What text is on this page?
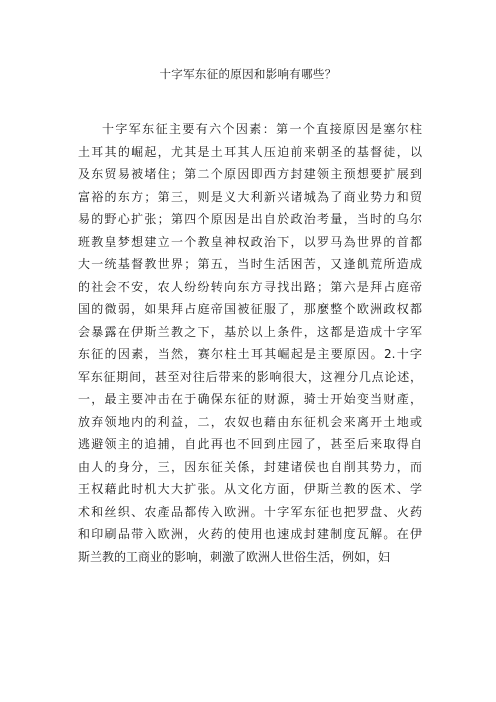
十字军东征的原因和影响有哪些？
十字军东征主要有六个因素：第一个直接原因是塞尔柱
土耳其的崛起，尤其是土耳其人压迫前来朝圣的基督徒，以
及东贸易被堵住；第二个原因即西方封建领主预想要扩展到
富裕的东方；第三，则是义大利新兴诸城為了商业势力和贸
易的野心扩张；第四个原因是出自於政治考量，当时的乌尔
班教皇梦想建立一个教皇神权政治下，以罗马為世界的首都
大一统基督教世界；第五，当时生活困苦，又逢飢荒所造成
的社会不安，农人纷纷转向东方寻找出路；第六是拜占庭帝
国的微弱，如果拜占庭帝国被征服了，那麼整个欧洲政权都
会暴露在伊斯兰教之下，基於以上条件，这都是造成十字军
东征的因素，当然，赛尔柱土耳其崛起是主要原因。2.十字
军东征期间，甚至对往后带来的影响很大，这裡分几点论述，
一，最主要冲击在于确保东征的财源，骑士开始变当财產，
放弃领地内的利益，二，农奴也藉由东征机会来离开土地或
逃避领主的追捕，自此再也不回到庄园了，甚至后来取得自
由人的身分，三，因东征关係，封建诸侯也自削其势力，而
王权藉此时机大大扩张。从文化方面，伊斯兰教的医术、学
术和丝织、农產品都传入欧洲。十字军东征也把罗盘、火药
和印刷品带入欧洲，火药的使用也速成封建制度瓦解。在伊
斯兰教的工商业的影响，刺激了欧洲人世俗生活，例如，妇
